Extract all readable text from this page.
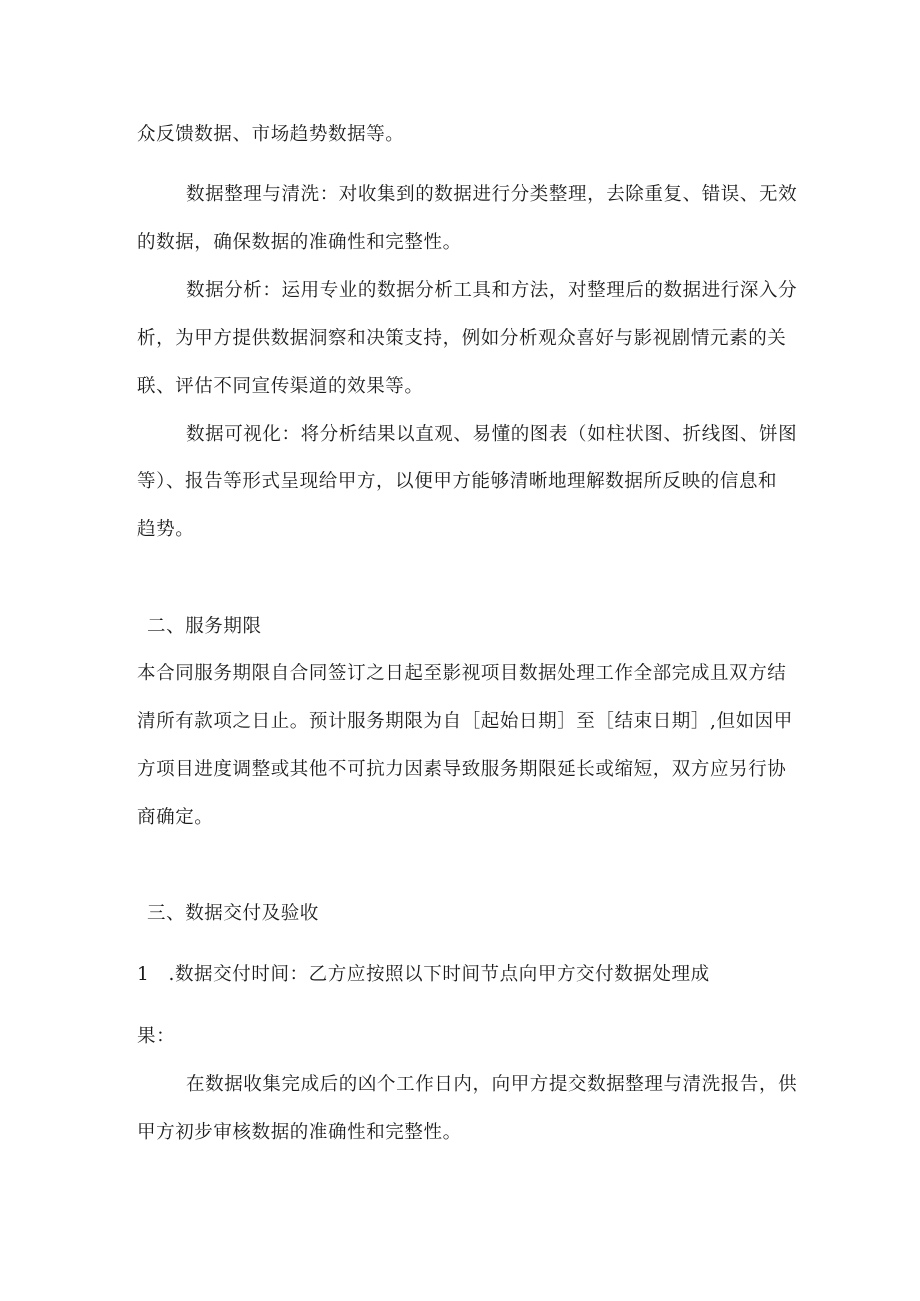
众反馈数据、市场趋势数据等。
数据整理与清洗：对收集到的数据进行分类整理，去除重复、错误、无效
的数据，确保数据的准确性和完整性。
数据分析：运用专业的数据分析工具和方法，对整理后的数据进行深入分
析，为甲方提供数据洞察和决策支持，例如分析观众喜好与影视剧情元素的关
联、评估不同宣传渠道的效果等。
数据可视化：将分析结果以直观、易懂的图表（如柱状图、折线图、饼图
等）、报告等形式呈现给甲方，以便甲方能够清晰地理解数据所反映的信息和
趋势。
二、服务期限
本合同服务期限自合同签订之日起至影视项目数据处理工作全部完成且双方结
清所有款项之日止。预计服务期限为自［起始日期］至［结束日期］,但如因甲
方项目进度调整或其他不可抗力因素导致服务期限延长或缩短，双方应另行协
商确定。
三、数据交付及验收
1　.数据交付时间：乙方应按照以下时间节点向甲方交付数据处理成
果：
在数据收集完成后的凶个工作日内，向甲方提交数据整理与清洗报告，供
甲方初步审核数据的准确性和完整性。
